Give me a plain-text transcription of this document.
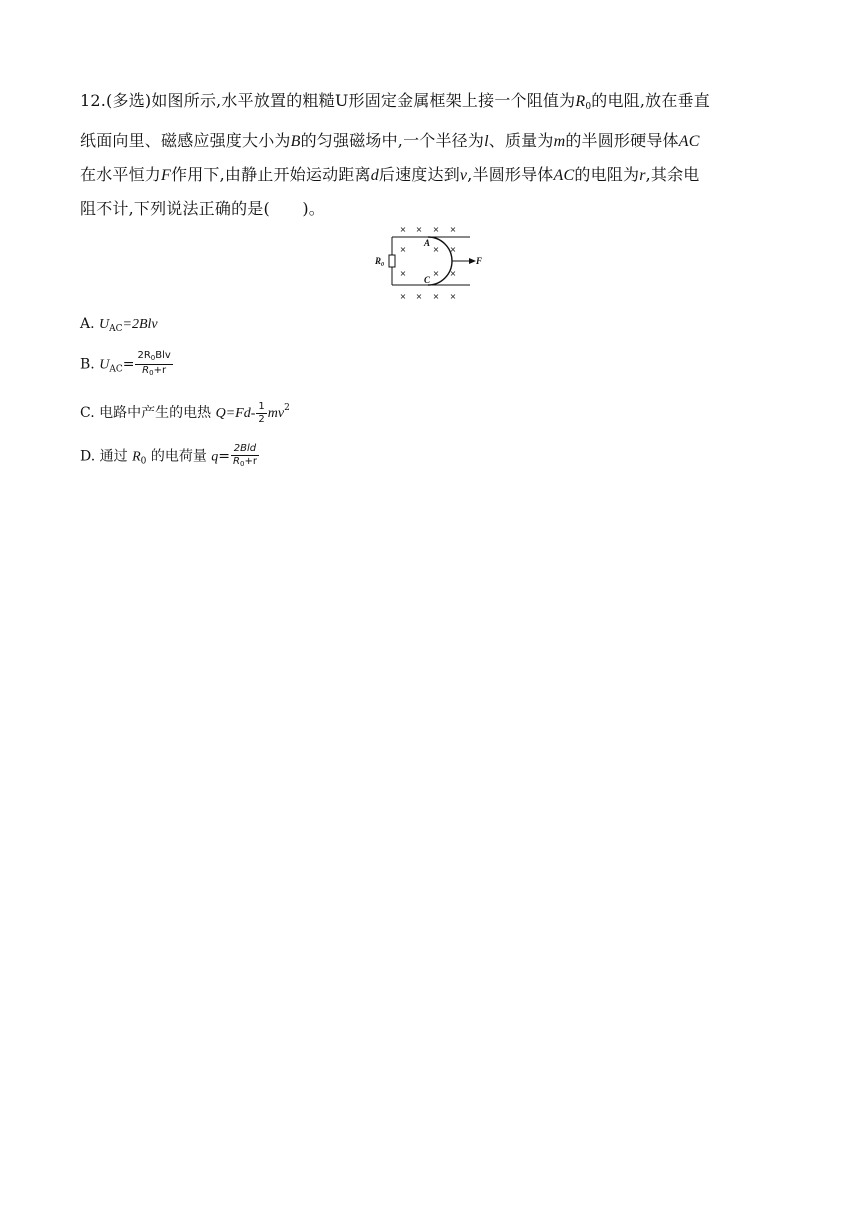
12.(多选)如图所示,水平放置的粗糙U形固定金属框架上接一个阻值为$R_0$的电阻,放在垂直
纸面向里、磁感应强度大小为B的匀强磁场中,一个半径为l、质量为m的半圆形硬导体AC
在水平恒力F作用下,由静止开始运动距离d后速度达到v,半圆形导体AC的电阻为r,其余电
阻不计,下列说法正确的是(　　)。
× × × ×
×	× ×
×	× ×
× × × ×
R 0
A
C
F
A. $U_{AC}=2Blv$
B. $U_{AC}= \frac{2R_0Blv}{R_0+r}$
C. 电路中产生的电热 $Q=Fd- \frac{1}{2} mv^2$
D. 通过 $R_0$ 的电荷量 $q= \frac{\text{2Bld}}{R_0+r}$
